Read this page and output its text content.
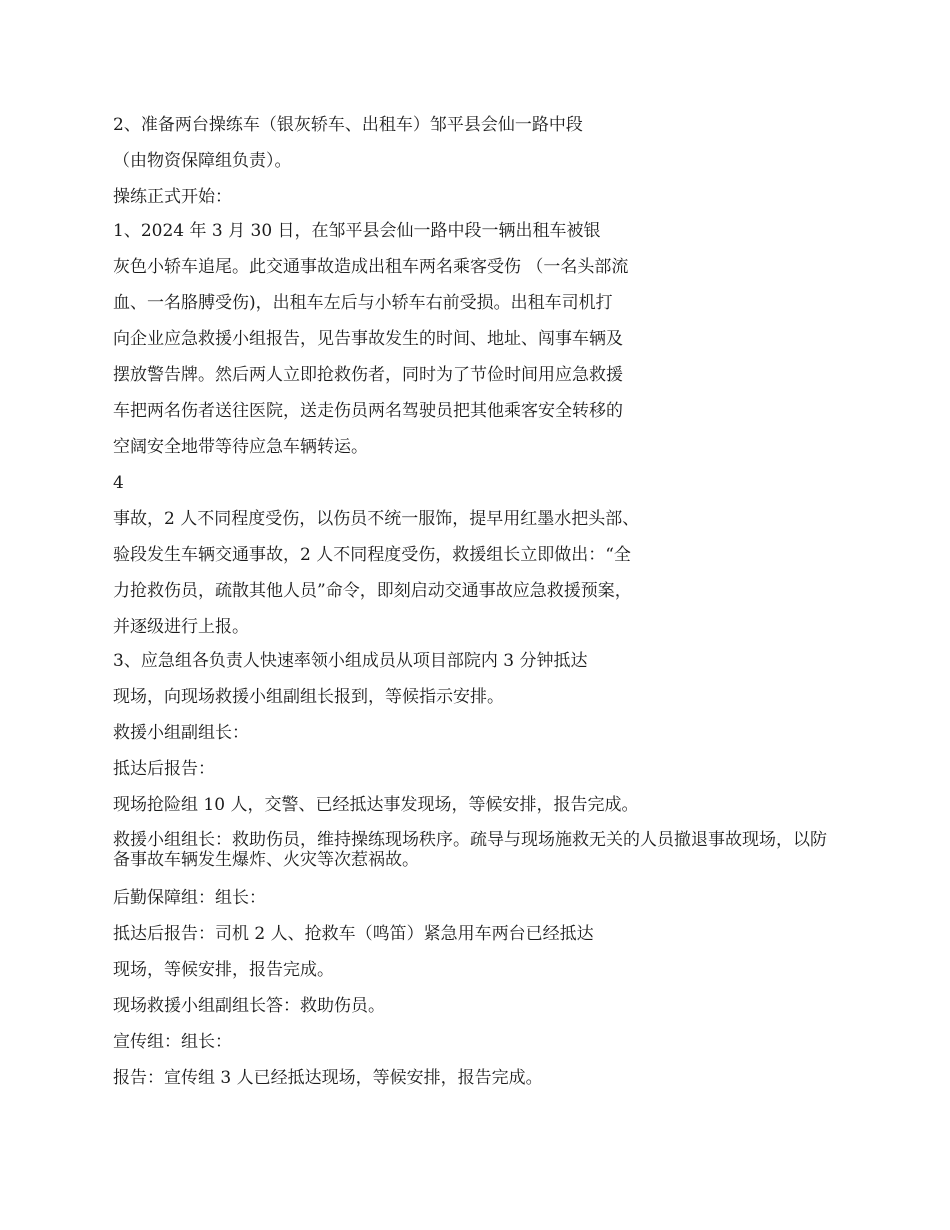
2、准备两台操练车（银灰轿车、出租车）邹平县会仙一路中段
（由物资保障组负责）。
操练正式开始：
1、2024 年 3 月 30 日，在邹平县会仙一路中段一辆出租车被银
灰色小轿车追尾。此交通事故造成出租车两名乘客受伤 （一名头部流
血、一名胳膊受伤)，出租车左后与小轿车右前受损。出租车司机打
向企业应急救援小组报告，见告事故发生的时间、地址、闯事车辆及
摆放警告牌。然后两人立即抢救伤者，同时为了节俭时间用应急救援
车把两名伤者送往医院，送走伤员两名驾驶员把其他乘客安全转移的
空阔安全地带等待应急车辆转运。
4
事故，2 人不同程度受伤，以伤员不统一服饰，提早用红墨水把头部、
验段发生车辆交通事故，2 人不同程度受伤，救援组长立即做出：“全
力抢救伤员，疏散其他人员”命令，即刻启动交通事故应急救援预案，
并逐级进行上报。
3、应急组各负责人快速率领小组成员从项目部院内 3 分钟抵达
现场，向现场救援小组副组长报到，等候指示安排。
救援小组副组长：
抵达后报告：
现场抢险组 10 人，交警、已经抵达事发现场，等候安排，报告完成。
救援小组组长：救助伤员，维持操练现场秩序。疏导与现场施救无关的人员撤退事故现场，以防备事故车辆发生爆炸、火灾等次惹祸故。
后勤保障组：组长：
抵达后报告：司机 2 人、抢救车（鸣笛）紧急用车两台已经抵达
现场，等候安排，报告完成。
现场救援小组副组长答：救助伤员。
宣传组：组长：
报告：宣传组 3 人已经抵达现场，等候安排，报告完成。
